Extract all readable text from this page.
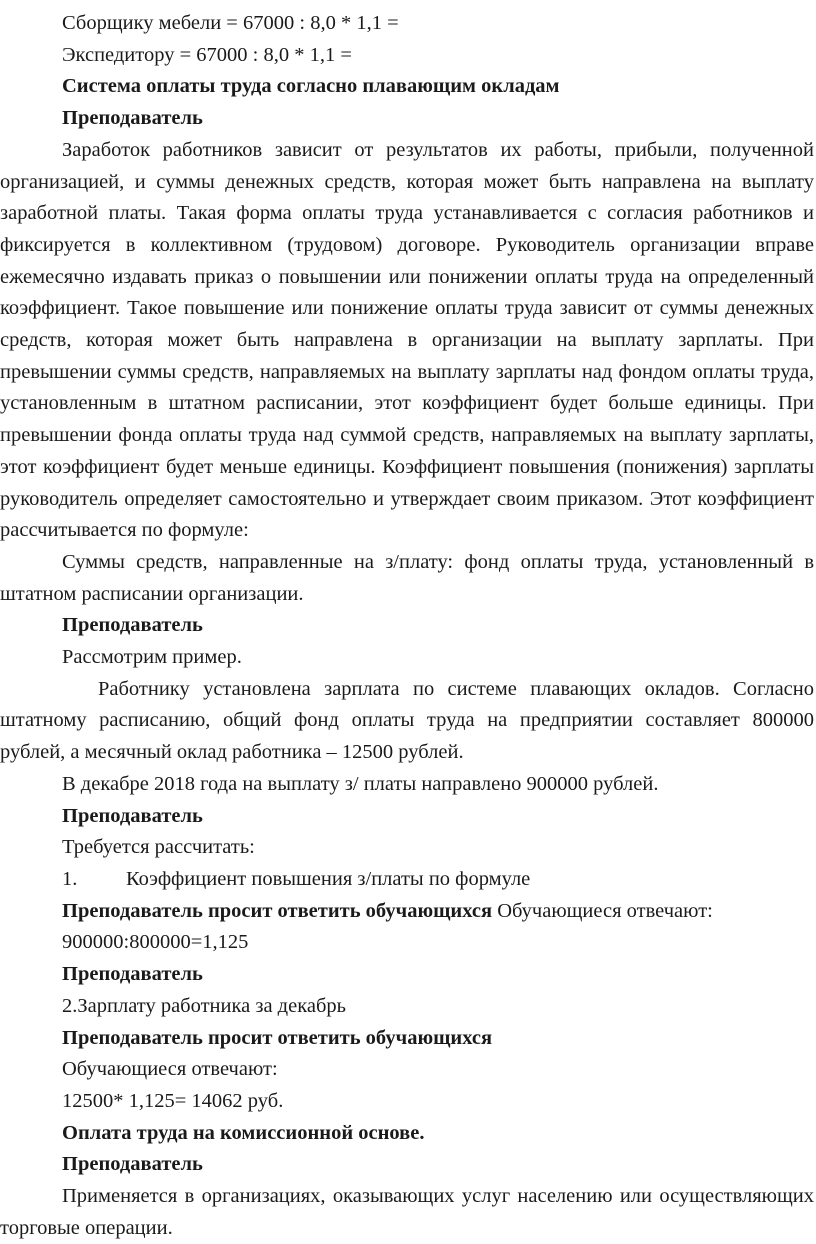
Сборщику мебели = 67000 : 8,0 * 1,1 =

Экспедитору = 67000 : 8,0 * 1,1 =

Система оплаты труда согласно плавающим окладам

Преподаватель

Заработок работников зависит от результатов их работы, прибыли, полученной организацией, и суммы денежных средств, которая может быть направлена на выплату заработной платы. Такая форма оплаты труда устанавливается с согласия работников и фиксируется в коллективном (трудовом) договоре. Руководитель организации вправе ежемесячно издавать приказ о повышении или понижении оплаты труда на определенный коэффициент. Такое повышение или понижение оплаты труда зависит от суммы денежных средств, которая может быть направлена в организации на выплату зарплаты. При превышении суммы средств, направляемых на выплату зарплаты над фондом оплаты труда, установленным в штатном расписании, этот коэффициент будет больше единицы. При превышении фонда оплаты труда над суммой средств, направляемых на выплату зарплаты, этот коэффициент будет меньше единицы. Коэффициент повышения (понижения) зарплаты руководитель определяет самостоятельно и утверждает своим приказом. Этот коэффициент рассчитывается по формуле:

Суммы средств, направленные на з/плату: фонд оплаты труда, установленный в штатном расписании организации.

Преподаватель

Рассмотрим пример.

Работнику установлена зарплата по системе плавающих окладов. Согласно штатному расписанию, общий фонд оплаты труда на предприятии составляет 800000 рублей, а месячный оклад работника – 12500 рублей.

В декабре 2018 года на выплату з/ платы направлено 900000 рублей.

Преподаватель

Требуется рассчитать:

1. Коэффициент повышения з/платы по формуле

Преподаватель просит ответить обучающихся Обучающиеся отвечают:

900000:800000=1,125

Преподаватель

2.Зарплату работника за декабрь

Преподаватель просит ответить обучающихся

Обучающиеся отвечают:

12500* 1,125= 14062 руб.

Оплата труда на комиссионной основе.

Преподаватель

Применяется в организациях, оказывающих услуг населению или осуществляющих торговые операции.
